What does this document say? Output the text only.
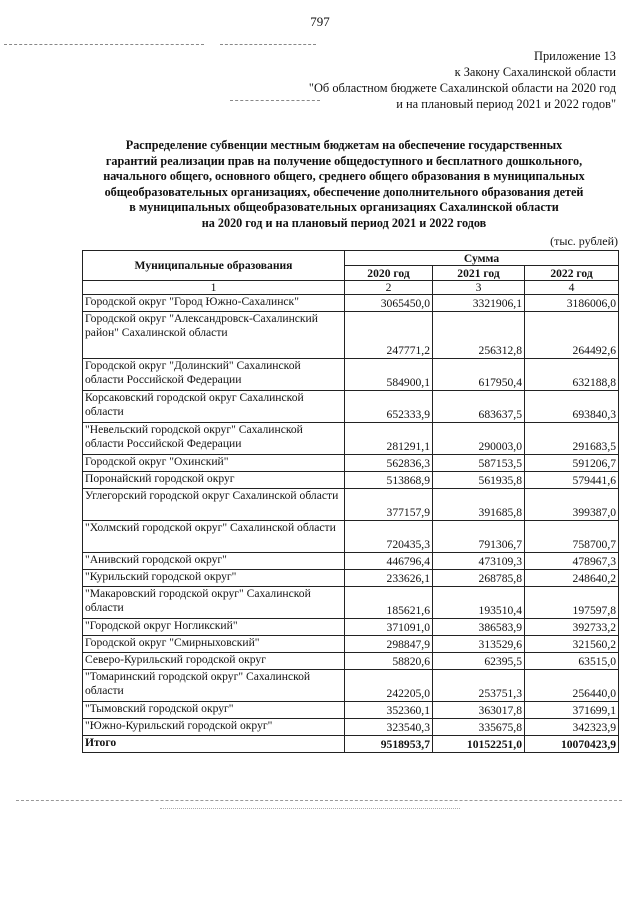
797
Приложение 13
к Закону Сахалинской области
"Об областном бюджете Сахалинской области на 2020 год
и на плановый период 2021 и 2022 годов"
Распределение субвенции местным бюджетам на обеспечение государственных
гарантий реализации прав на получение общедоступного и бесплатного дошкольного,
начального общего, основного общего, среднего общего образования в муниципальных
общеобразовательных организациях, обеспечение дополнительного образования детей
в муниципальных общеобразовательных организациях Сахалинской области
на 2020 год и на плановый период 2021 и 2022 годов
(тыс. рублей)
Муниципальные образования	Сумма		
	2020 год	2021 год	2022 год
1	2	3	4
Городской округ "Город Южно-Сахалинск"	3065450,0	3321906,1	3186006,0
Городской округ "Александровск-Сахалинский район" Сахалинской области	247771,2	256312,8	264492,6
Городской округ "Долинский" Сахалинской области Российской Федерации	584900,1	617950,4	632188,8
Корсаковский городской округ Сахалинской области	652333,9	683637,5	693840,3
"Невельский городской округ" Сахалинской области Российской Федерации	281291,1	290003,0	291683,5
Городской округ "Охинский"	562836,3	587153,5	591206,7
Поронайский городской округ	513868,9	561935,8	579441,6
Углегорский городской округ Сахалинской области	377157,9	391685,8	399387,0
"Холмский городской округ" Сахалинской области	720435,3	791306,7	758700,7
"Анивский городской округ"	446796,4	473109,3	478967,3
"Курильский городской округ"	233626,1	268785,8	248640,2
"Макаровский городской округ" Сахалинской области	185621,6	193510,4	197597,8
"Городской округ Ногликский"	371091,0	386583,9	392733,2
Городской округ "Смирныховский"	298847,9	313529,6	321560,2
Северо-Курильский городской округ	58820,6	62395,5	63515,0
"Томаринский городской округ" Сахалинской области	242205,0	253751,3	256440,0
"Тымовский городской округ"	352360,1	363017,8	371699,1
"Южно-Курильский городской округ"	323540,3	335675,8	342323,9
Итого	9518953,7	10152251,0	10070423,9
